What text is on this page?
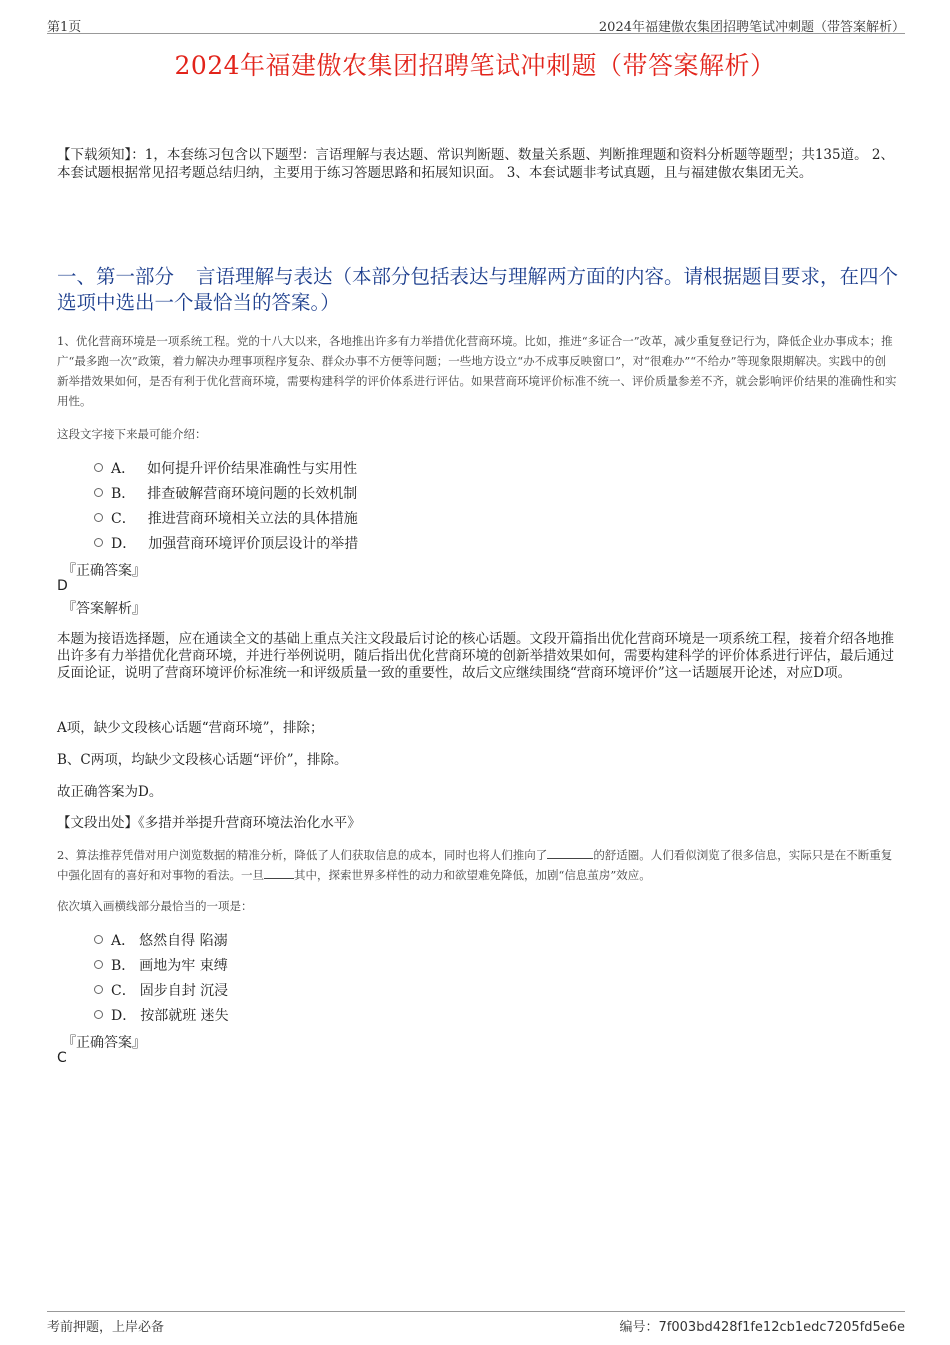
第1页	2024年福建傲农集团招聘笔试冲刺题（带答案解析）
2024年福建傲农集团招聘笔试冲刺题（带答案解析）
【下载须知】：1，本套练习包含以下题型：言语理解与表达题、常识判断题、数量关系题、判断推理题和资料分析题等题型；共135道。 2、本套试题根据常见招考题总结归纳，主要用于练习答题思路和拓展知识面。 3、本套试题非考试真题，且与福建傲农集团无关。
一、第一部分 言语理解与表达（本部分包括表达与理解两方面的内容。请根据题目要求，在四个选项中选出一个最恰当的答案。）
1、优化营商环境是一项系统工程。党的十八大以来，各地推出许多有力举措优化营商环境。比如，推进“多证合一”改革，减少重复登记行为，降低企业办事成本；推广“最多跑一次”政策，着力解决办理事项程序复杂、群众办事不方便等问题；一些地方设立“办不成事反映窗口”，对“很难办”“不给办”等现象限期解决。实践中的创新举措效果如何，是否有利于优化营商环境，需要构建科学的评价体系进行评估。如果营商环境评价标准不统一、评价质量参差不齐，就会影响评价结果的准确性和实用性。
这段文字接下来最可能介绍：
A． 如何提升评价结果准确性与实用性
B． 排查破解营商环境问题的长效机制
C． 推进营商环境相关立法的具体措施
D． 加强营商环境评价顶层设计的举措
『正确答案』
D
『答案解析』
本题为接语选择题，应在通读全文的基础上重点关注文段最后讨论的核心话题。文段开篇指出优化营商环境是一项系统工程，接着介绍各地推出许多有力举措优化营商环境，并进行举例说明，随后指出优化营商环境的创新举措效果如何，需要构建科学的评价体系进行评估，最后通过反面论证，说明了营商环境评价标准统一和评级质量一致的重要性，故后文应继续围绕“营商环境评价”这一话题展开论述，对应D项。
A项，缺少文段核心话题“营商环境”，排除；
B、C两项，均缺少文段核心话题“评价”，排除。
故正确答案为D。
【文段出处】《多措并举提升营商环境法治化水平》
2、算法推荐凭借对用户浏览数据的精准分析，降低了人们获取信息的成本，同时也将人们推向了	的舒适圈。人们看似浏览了很多信息，实际只是在不断重复中强化固有的喜好和对事物的看法。一旦	其中，探索世界多样性的动力和欲望难免降低，加剧“信息茧房”效应。
依次填入画横线部分最恰当的一项是：
A． 悠然自得 陷溺
B． 画地为牢 束缚
C． 固步自封 沉浸
D． 按部就班 迷失
『正确答案』
C
考前押题，上岸必备	编号：7f003bd428f1fe12cb1edc7205fd5e6e
